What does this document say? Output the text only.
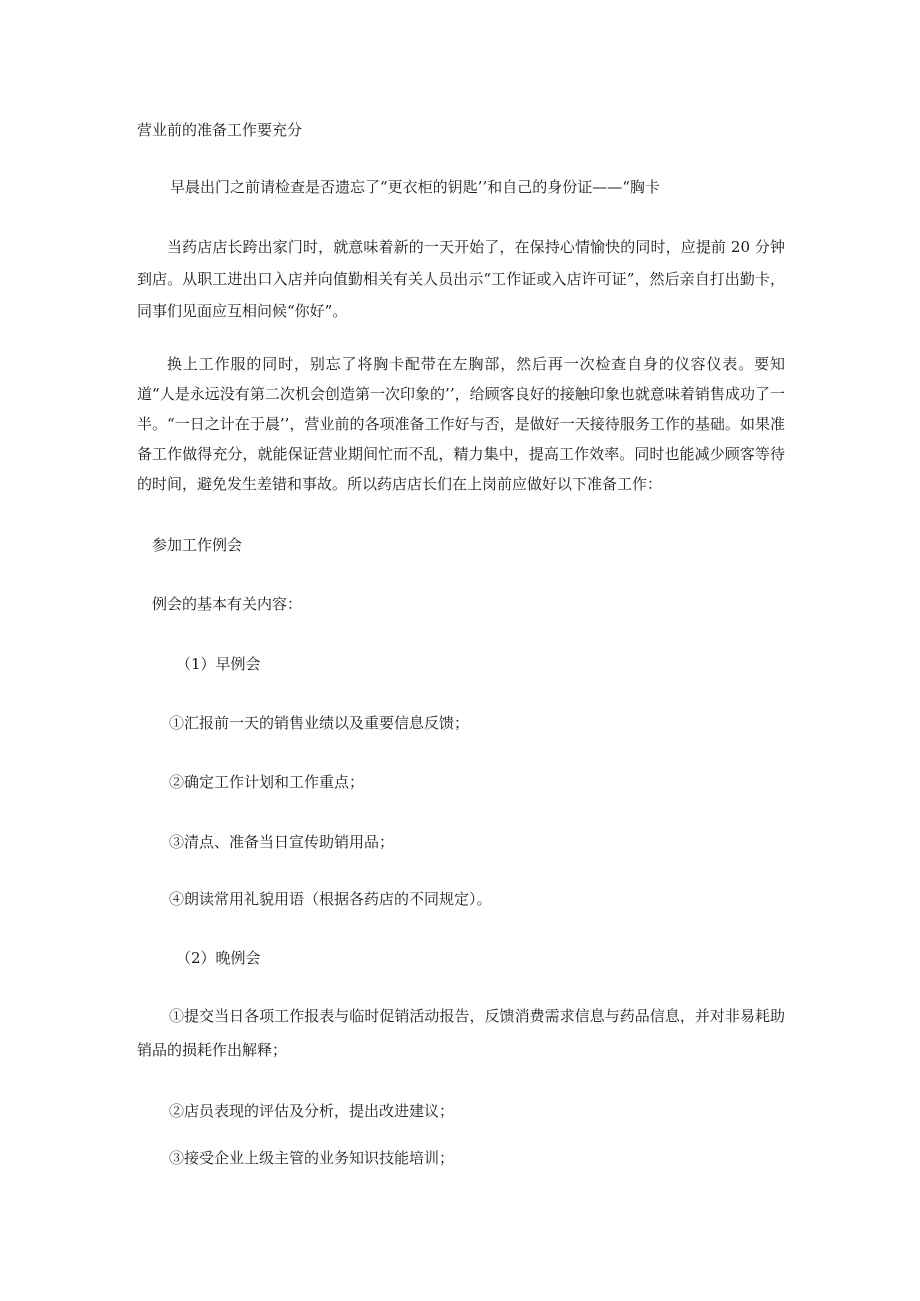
营业前的准备工作要充分

早晨出门之前请检查是否遗忘了“更衣柜的钥匙’’和自己的身份证——“胸卡

当药店店长跨出家门时，就意味着新的一天开始了，在保持心情愉快的同时，应提前 20 分钟到店。从职工进出口入店并向值勤相关有关人员出示“工作证或入店许可证”，然后亲自打出勤卡，同事们见面应互相问候“你好”。

换上工作服的同时，别忘了将胸卡配带在左胸部，然后再一次检查自身的仪容仪表。要知道“人是永远没有第二次机会创造第一次印象的’’，给顾客良好的接触印象也就意味着销售成功了一半。“一日之计在于晨’’，营业前的各项准备工作好与否，是做好一天接待服务工作的基础。如果准备工作做得充分，就能保证营业期间忙而不乱，精力集中，提高工作效率。同时也能减少顾客等待的时间，避免发生差错和事故。所以药店店长们在上岗前应做好以下准备工作：

参加工作例会

例会的基本有关内容：

（1）早例会

①汇报前一天的销售业绩以及重要信息反馈；

②确定工作计划和工作重点；

③清点、准备当日宣传助销用品；

④朗读常用礼貌用语（根据各药店的不同规定）。

（2）晚例会

①提交当日各项工作报表与临时促销活动报告，反馈消费需求信息与药品信息，并对非易耗助销品的损耗作出解释；

②店员表现的评估及分析，提出改进建议；

③接受企业上级主管的业务知识技能培训；
